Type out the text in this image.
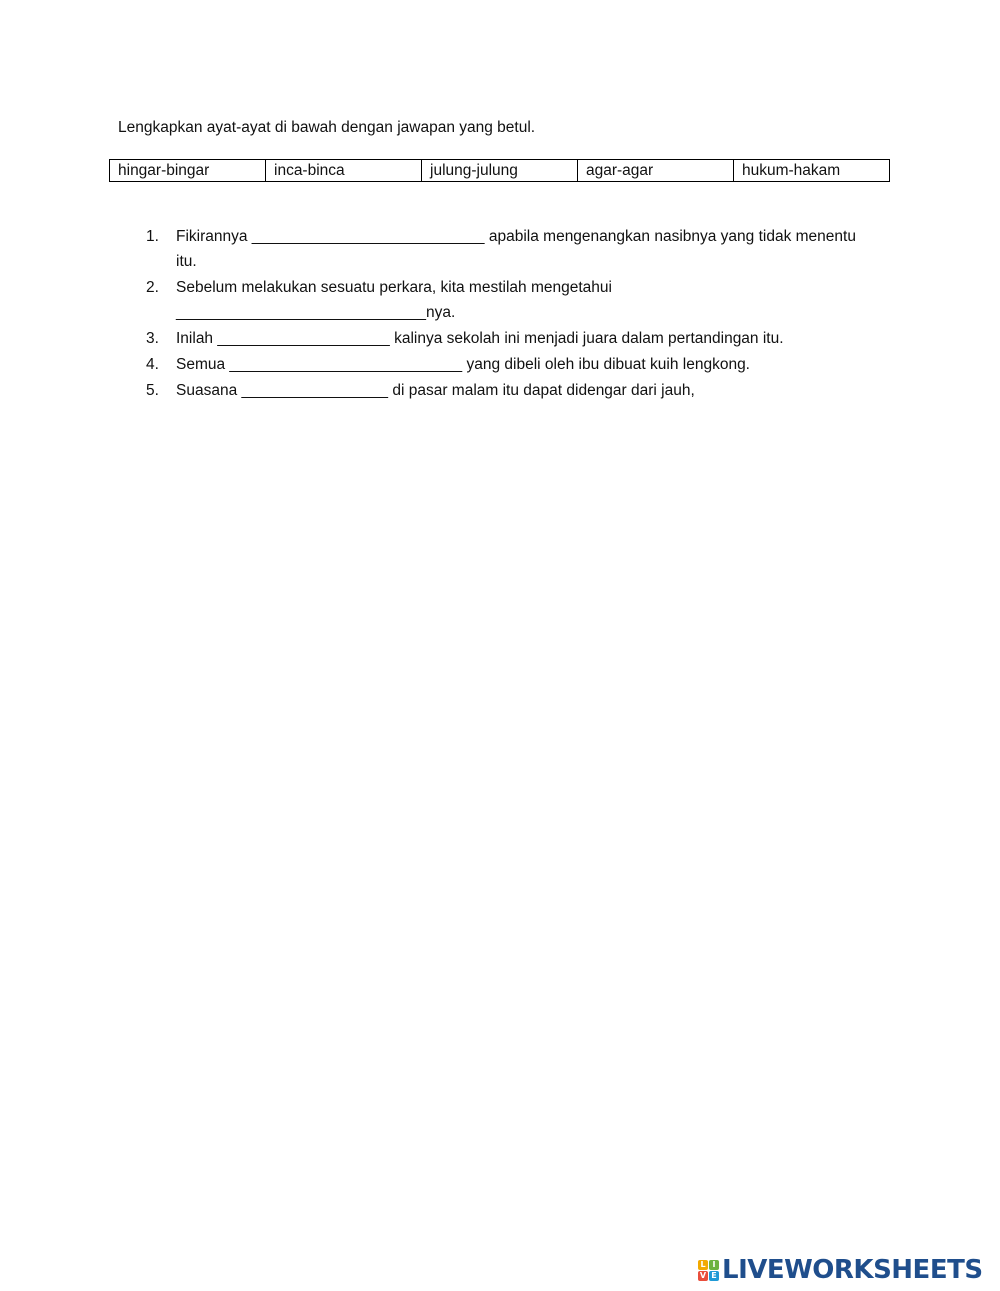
Lengkapkan ayat-ayat di bawah dengan jawapan yang betul.

hingar-bingar	inca-binca	julung-julung	agar-agar	hukum-hakam
1. Fikirannya ___________________________ apabila mengenangkan nasibnya yang tidak menentu
itu.
2. Sebelum melakukan sesuatu perkara, kita mestilah mengetahui
_____________________________nya.
3. Inilah ____________________ kalinya sekolah ini menjadi juara dalam pertandingan itu.
4. Semua ___________________________ yang dibeli oleh ibu dibuat kuih lengkong.
5. Suasana _________________ di pasar malam itu dapat didengar dari jauh,
L I
V E LIVEWORKSHEETS
